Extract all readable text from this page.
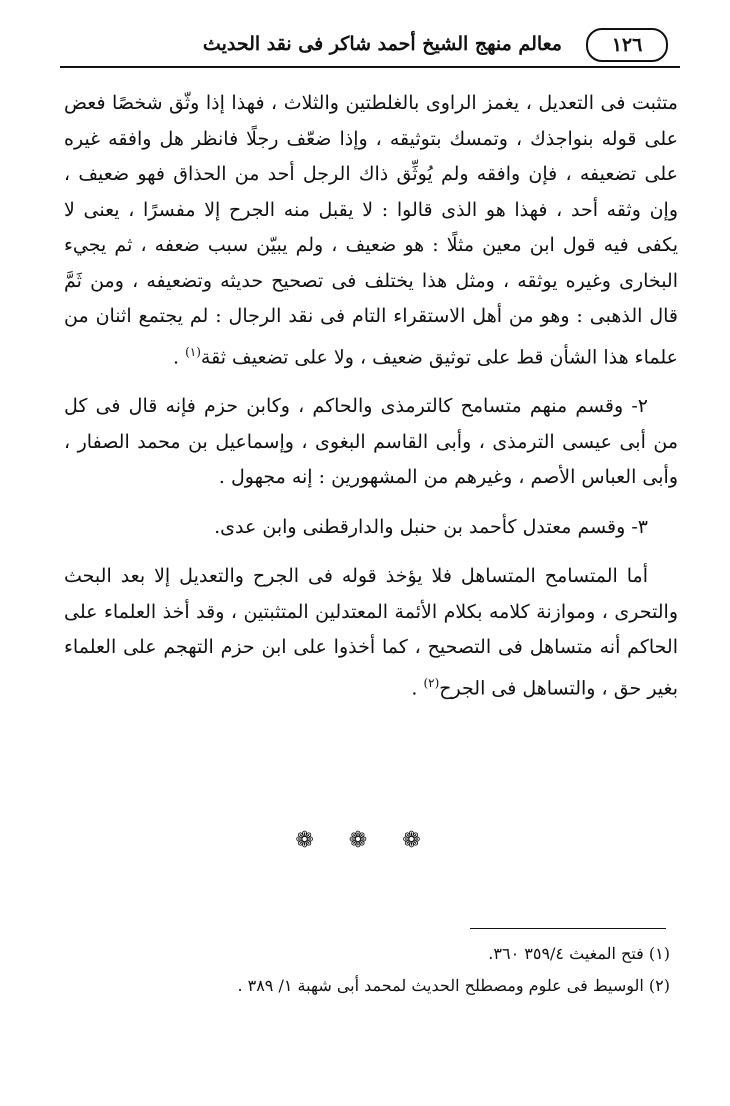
١٢٦
معالم منهج الشيخ أحمد شاكر فى نقد الحديث

متثبت فى التعديل ، يغمز الراوى بالغلطتين والثلاث ، فهذا إذا وثّق شخصًا فعض على قوله بنواجذك ، وتمسك بتوثيقه ، وإذا ضعّف رجلًا فانظر هل وافقه غيره على تضعيفه ، فإن وافقه ولم يُوثِّق ذاك الرجل أحد من الحذاق فهو ضعيف ، وإن وثقه أحد ، فهذا هو الذى قالوا : لا يقبل منه الجرح إلا مفسرًا ، يعنى لا يكفى فيه قول ابن معين مثلًا : هو ضعيف ، ولم يبيّن سبب ضعفه ، ثم يجيء البخارى وغيره يوثقه ، ومثل هذا يختلف فى تصحيح حديثه وتضعيفه ، ومن ثَمَّ قال الذهبى : وهو من أهل الاستقراء التام فى نقد الرجال : لم يجتمع اثنان من علماء هذا الشأن قط على توثيق ضعيف ، ولا على تضعيف ثقة$^{(١)}$ .

٢- وقسم منهم متسامح كالترمذى والحاكم ، وكابن حزم فإنه قال فى كل من أبى عيسى الترمذى ، وأبى القاسم البغوى ، وإسماعيل بن محمد الصفار ، وأبى العباس الأصم ، وغيرهم من المشهورين : إنه مجهول .

٣- وقسم معتدل كأحمد بن حنبل والدارقطنى وابن عدى.

أما المتسامح المتساهل فلا يؤخذ قوله فى الجرح والتعديل إلا بعد البحث والتحرى ، وموازنة كلامه بكلام الأئمة المعتدلين المتثبتين ، وقد أخذ العلماء على الحاكم أنه متساهل فى التصحيح ، كما أخذوا على ابن حزم التهجم على العلماء بغير حق ، والتساهل فى الجرح$^{(٢)}$ .

❁ ❁ ❁
(١) فتح المغيث ٣٥٩/٤ ٣٦٠.
(٢) الوسيط فى علوم ومصطلح الحديث لمحمد أبى شهبة ١/ ٣٨٩ .
